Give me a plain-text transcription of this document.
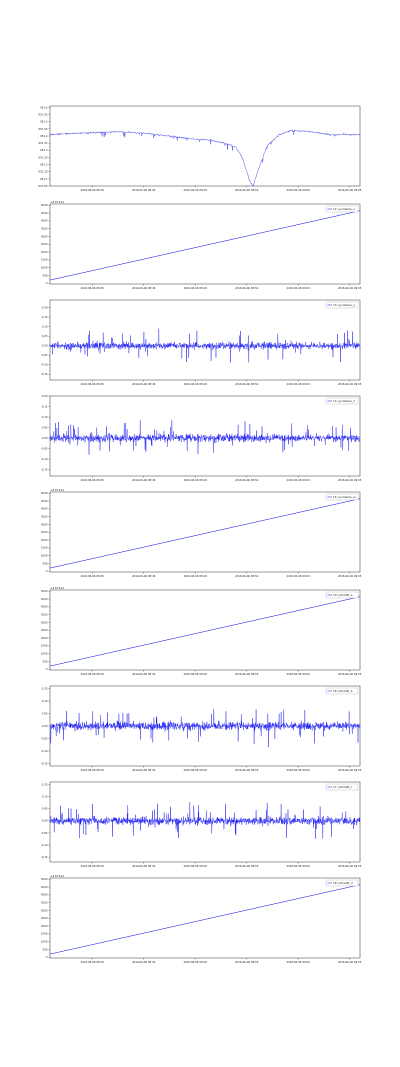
951.05
951.1
951.15
951.2
951.25
951.3
951.35
951.4
951.45
951.5
951.55
951.6
2016-06-06 08:39	2016-06-06 08:44	2016-06-06 08:49	2016-06-06 08:54	2016-06-06 09:00	2016-06-06 09:05
0
500
1000
1500
2000
2500
3000
3500
4000
4500
5000
2016-06-06 08:39	2016-06-06 08:44	2016-06-06 08:49	2016-06-06 08:54	2016-06-06 09:00	2016-06-06 09:05
+4.671e4
12: pyrotemp_x
-0.15
-0.10
-0.05
0.00
0.05
0.10
0.15
0.20
2016-06-06 08:39	2016-06-06 08:44	2016-06-06 08:49	2016-06-06 08:54	2016-06-06 09:00	2016-06-06 09:05
13: pyrotemp_y
-0.15
-0.10
-0.05
0.00
0.05
0.10
0.15
0.20
2016-06-06 08:39	2016-06-06 08:44	2016-06-06 08:49	2016-06-06 08:54	2016-06-06 09:00	2016-06-06 09:05
14: pyrotemp_z
0
500
1000
1500
2000
2500
3000
3500
4000
4500
5000
2016-06-06 08:39	2016-06-06 08:44	2016-06-06 08:49	2016-06-06 08:54	2016-06-06 09:00	2016-06-06 09:05
+4.671e4
15: pyrotemp_w
0
500
1000
1500
2000
2500
3000
3500
4000
4500
5000
2016-06-06 08:39	2016-06-06 08:44	2016-06-06 08:49	2016-06-06 08:54	2016-06-06 09:00	2016-06-06 09:05
+4.671e4
19: pitchAtt_a
-0.15
-0.10
-0.05
0.00
0.05
0.10
0.15
2016-06-06 08:39	2016-06-06 08:44	2016-06-06 08:49	2016-06-06 08:54	2016-06-06 09:00	2016-06-06 09:05
16: pitchAtt_b
-0.15
-0.10
-0.05
0.00
0.05
0.10
0.15
2016-06-06 08:39	2016-06-06 08:44	2016-06-06 08:49	2016-06-06 08:54	2016-06-06 09:00	2016-06-06 09:05
17: pitchAtt_c
0
500
1000
1500
2000
2500
3000
3500
4000
4500
5000
2016-06-06 08:39	2016-06-06 08:44	2016-06-06 08:49	2016-06-06 08:54	2016-06-06 09:00	2016-06-06 09:05
+4.671e4
18: pitchAtt_d
